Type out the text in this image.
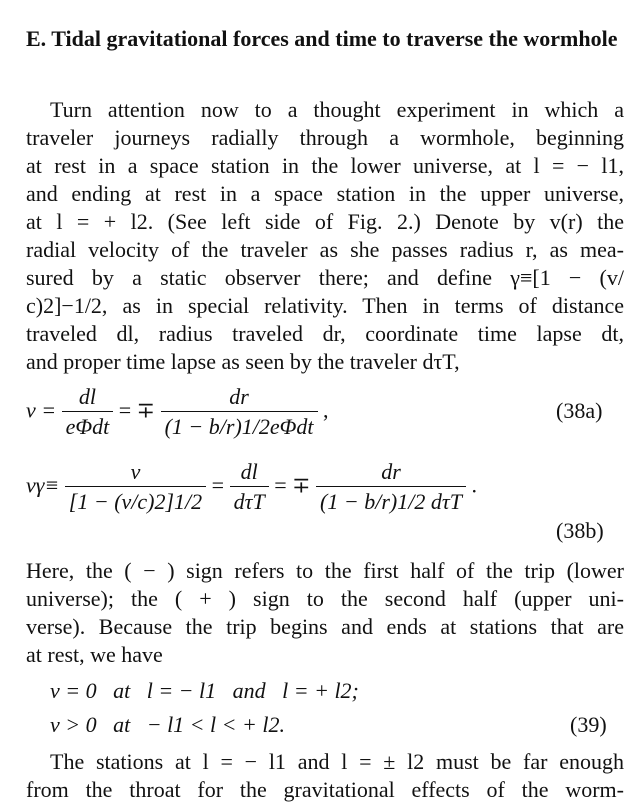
E. Tidal gravitational forces and time to traverse the wormhole
Turn attention now to a thought experiment in which a
traveler journeys radially through a wormhole, beginning
at rest in a space station in the lower universe, at l = − l1,
and ending at rest in a space station in the upper universe,
at l = + l2. (See left side of Fig. 2.) Denote by v(r) the
radial velocity of the traveler as she passes radius r, as mea-
sured by a static observer there; and define γ≡[1 − (v/
c)2]−1/2, as in special relativity. Then in terms of distance
traveled dl, radius traveled dr, coordinate time lapse dt,
and proper time lapse as seen by the traveler dτT,
$v = \frac{dl}{\text{eΦdt}}$ = ∓ $\frac{dr}{\text{(1 − b/r)1/2eΦdt}}$ ,	(38a)
$v\gamma\equiv \frac{v}{[1 - (v/c)2]1/2} = \frac{dl}{\text{dτT}}$ = ∓ $\frac{dr}{\text{(1 − b/r)1/2 dτT}}$ .
(38b)
Here, the ( − ) sign refers to the first half of the trip (lower
universe); the ( + ) sign to the second half (upper uni-
verse). Because the trip begins and ends at stations that are
at rest, we have
v = 0   at   l = − l1   and   l = + l2;
v > 0   at   − l1 < l < + l2.	(39)
The stations at l = − l1 and l = ± l2 must be far enough
from the throat for the gravitational effects of the worm-
